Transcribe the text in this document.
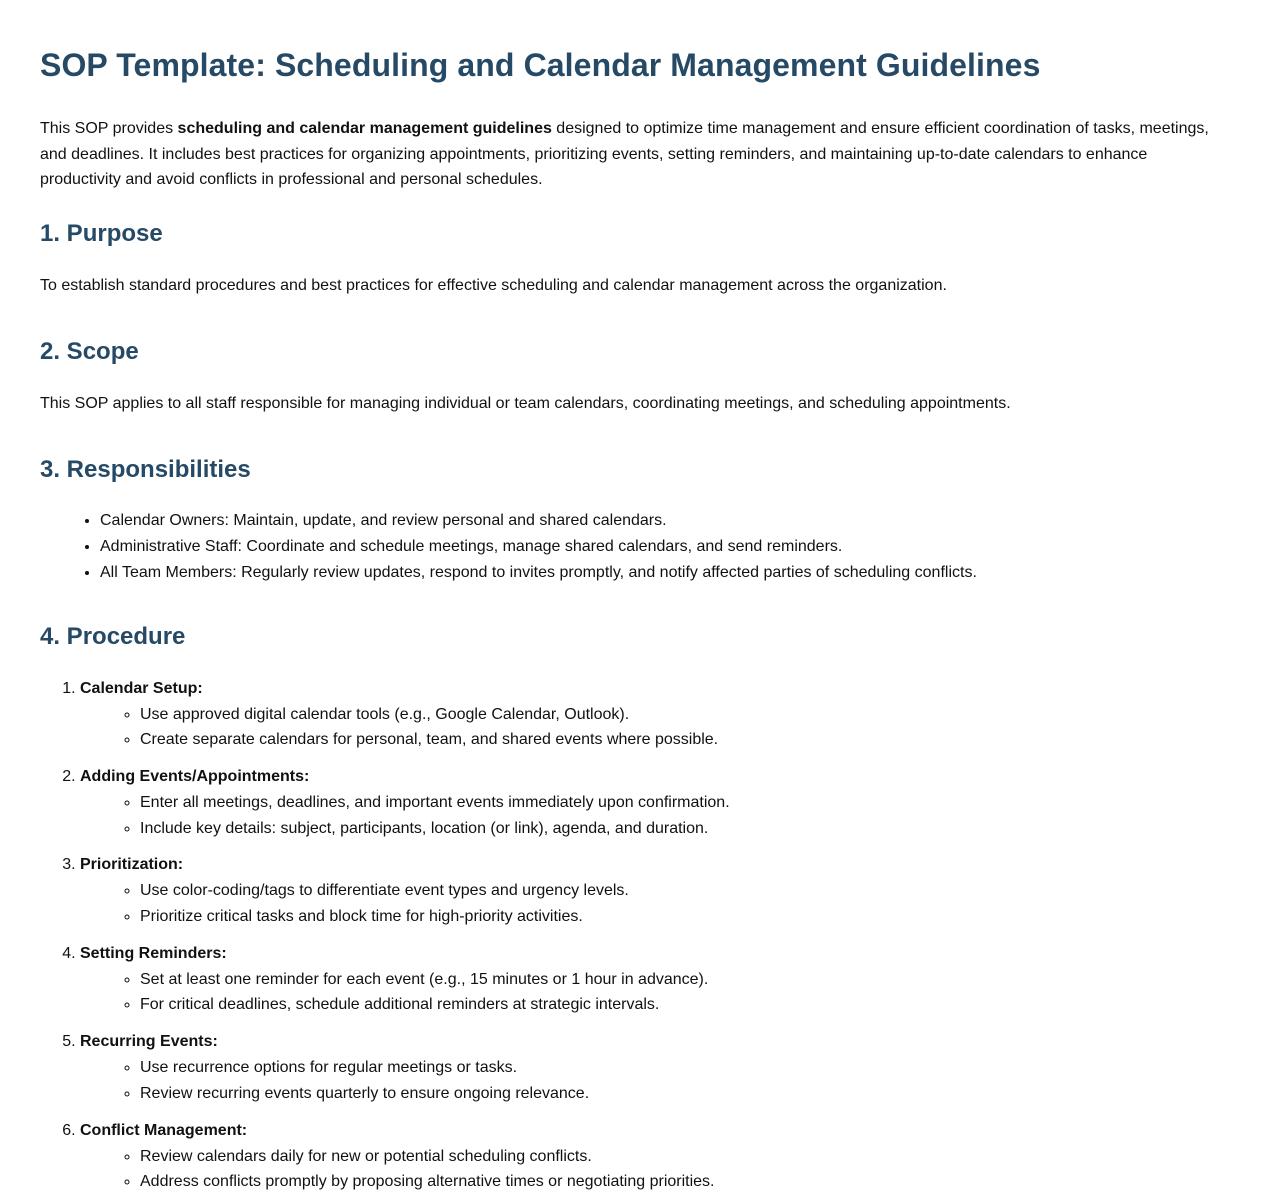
SOP Template: Scheduling and Calendar Management Guidelines

This SOP provides scheduling and calendar management guidelines designed to optimize time management and ensure efficient coordination of tasks, meetings, and deadlines. It includes best practices for organizing appointments, prioritizing events, setting reminders, and maintaining up-to-date calendars to enhance productivity and avoid conflicts in professional and personal schedules.

1. Purpose

To establish standard procedures and best practices for effective scheduling and calendar management across the organization.

2. Scope

This SOP applies to all staff responsible for managing individual or team calendars, coordinating meetings, and scheduling appointments.

3. Responsibilities
• Calendar Owners: Maintain, update, and review personal and shared calendars.
• Administrative Staff: Coordinate and schedule meetings, manage shared calendars, and send reminders.
• All Team Members: Regularly review updates, respond to invites promptly, and notify affected parties of scheduling conflicts.
4. Procedure
1. Calendar Setup:
◦ Use approved digital calendar tools (e.g., Google Calendar, Outlook).
◦ Create separate calendars for personal, team, and shared events where possible.
2. Adding Events/Appointments:
◦ Enter all meetings, deadlines, and important events immediately upon confirmation.
◦ Include key details: subject, participants, location (or link), agenda, and duration.
3. Prioritization:
◦ Use color-coding/tags to differentiate event types and urgency levels.
◦ Prioritize critical tasks and block time for high-priority activities.
4. Setting Reminders:
◦ Set at least one reminder for each event (e.g., 15 minutes or 1 hour in advance).
◦ For critical deadlines, schedule additional reminders at strategic intervals.
5. Recurring Events:
◦ Use recurrence options for regular meetings or tasks.
◦ Review recurring events quarterly to ensure ongoing relevance.
6. Conflict Management:
◦ Review calendars daily for new or potential scheduling conflicts.
◦ Address conflicts promptly by proposing alternative times or negotiating priorities.
